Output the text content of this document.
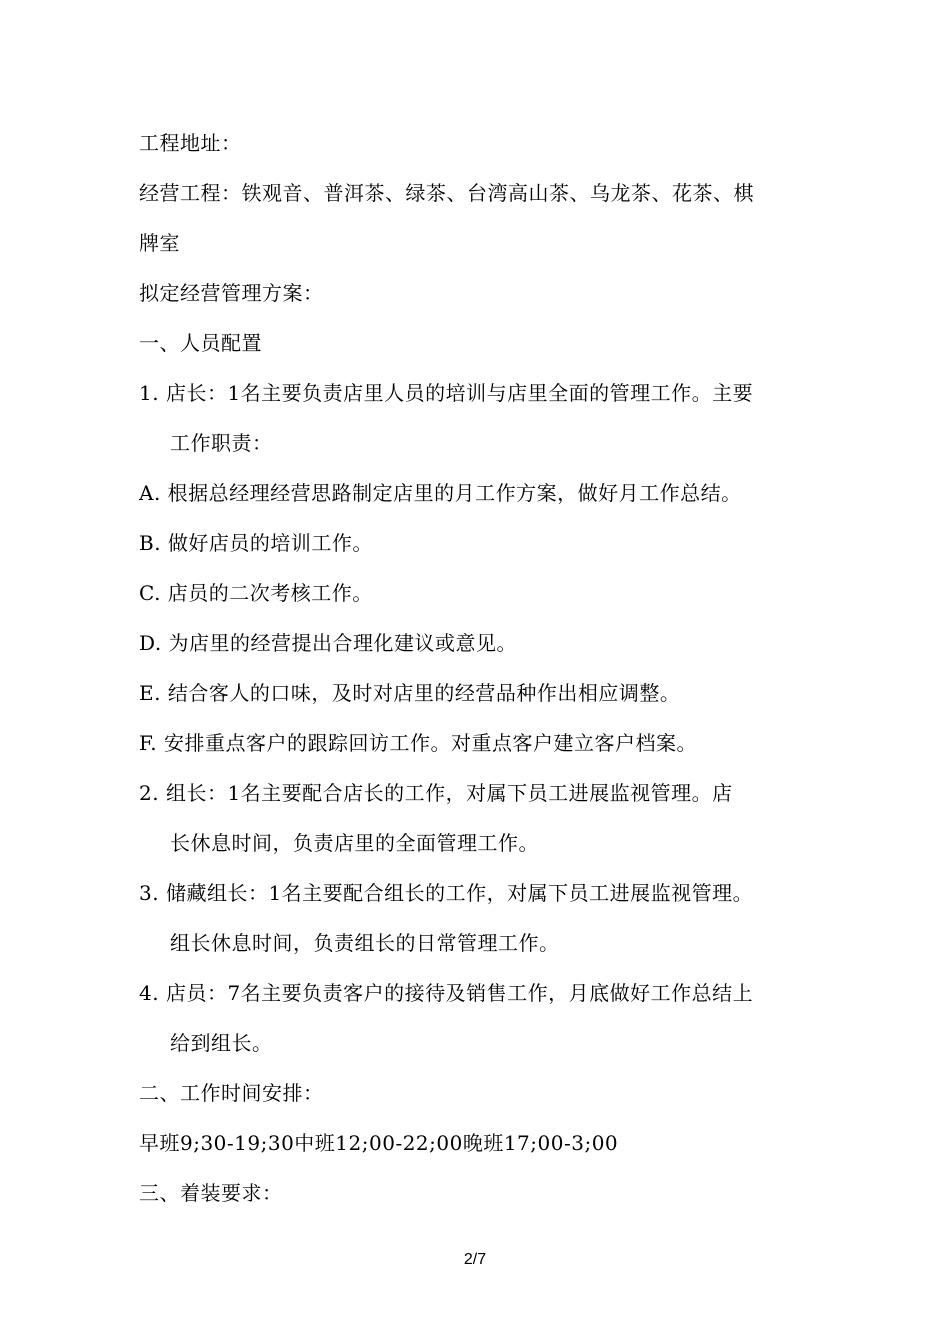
工程地址：
经营工程：铁观音、普洱茶、绿茶、台湾高山茶、乌龙茶、花茶、棋
牌室
拟定经营管理方案：
一、人员配置
1. 店长：1名主要负责店里人员的培训与店里全面的管理工作。主要
工作职责：
A. 根据总经理经营思路制定店里的月工作方案，做好月工作总结。
B. 做好店员的培训工作。
C. 店员的二次考核工作。
D. 为店里的经营提出合理化建议或意见。
E. 结合客人的口味，及时对店里的经营品种作出相应调整。
F. 安排重点客户的跟踪回访工作。对重点客户建立客户档案。
2. 组长：1名主要配合店长的工作，对属下员工进展监视管理。店
长休息时间，负责店里的全面管理工作。
3. 储藏组长：1名主要配合组长的工作，对属下员工进展监视管理。
组长休息时间，负责组长的日常管理工作。
4. 店员：7名主要负责客户的接待及销售工作，月底做好工作总结上
给到组长。
二、工作时间安排：
早班9;30-19;30中班12;00-22;00晚班17;00-3;00
三、着装要求：
2/7
